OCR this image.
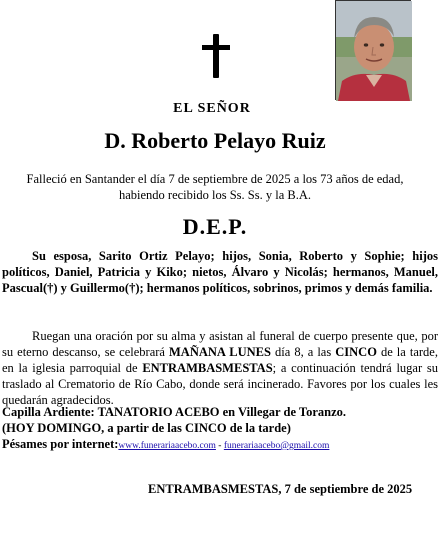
EL SEÑOR
D. Roberto Pelayo Ruiz
Falleció en Santander el día 7 de septiembre de 2025 a los 73 años de edad,
habiendo recibido los Ss. Ss. y la B.A.
D.E.P.
Su esposa, Sarito Ortiz Pelayo; hijos, Sonia, Roberto y Sophie; hijos políticos, Daniel, Patricia y Kiko; nietos, Álvaro y Nicolás; hermanos, Manuel, Pascual(†) y Guillermo(†); hermanos políticos, sobrinos, primos y demás familia.
Ruegan una oración por su alma y asistan al funeral de cuerpo presente que, por su eterno descanso, se celebrará MAÑANA LUNES día 8, a las CINCO de la tarde, en la iglesia parroquial de ENTRAMBASMESTAS; a continuación tendrá lugar su traslado al Crematorio de Río Cabo, donde será incinerado. Favores por los cuales les quedarán agradecidos.
Capilla Ardiente: TANATORIO ACEBO en Villegar de Toranzo.
(HOY DOMINGO, a partir de las CINCO de la tarde)
Pésames por internet:www.funerariaacebo.com - funerariaacebo@gmail.com
ENTRAMBASMESTAS, 7 de septiembre de 2025
